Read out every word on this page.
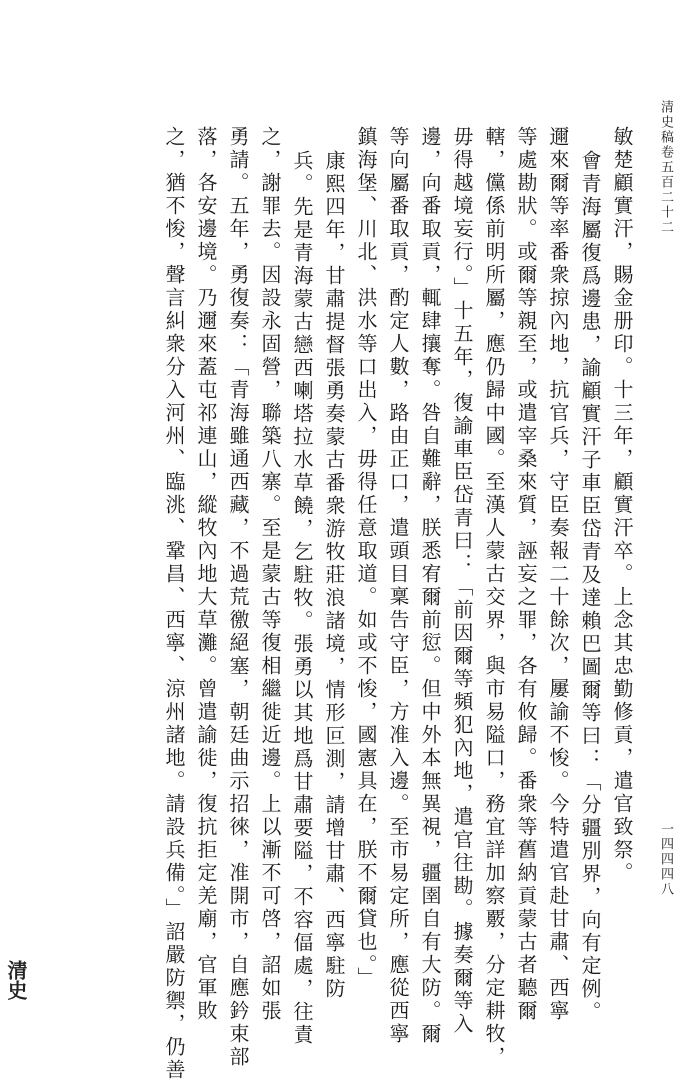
清史稿卷五百二十二
一四四四八
敏楚顧實汗，賜金册印。十三年，顧實汗卒。上念其忠勤修貢，遣官致祭。
會青海屬復爲邊患，諭顧實汗子車臣岱青及達賴巴圖爾等曰：「分疆別界，向有定例。
邇來爾等率番衆掠內地，抗官兵，守臣奏報二十餘次，屢諭不悛。今特遣官赴甘肅、西寧
等處勘狀。或爾等親至，或遣宰桑來質，誣妄之罪，各有攸歸。番衆等舊納貢蒙古者聽爾
轄，儻係前明所屬，應仍歸中國。至漢人蒙古交界，與市易隘口，務宜詳加察覈，分定耕牧，
毋得越境妄行。」十五年，復諭車臣岱青曰：「前因爾等頻犯內地，遣官往勘。據奏爾等入
邊，向番取貢，輒肆攘奪。咎自難辭，朕悉宥爾前愆。但中外本無異視，疆圉自有大防。爾
等向屬番取貢，酌定人數，路由正口，遣頭目稟告守臣，方准入邊。至市易定所，應從西寧
鎮海堡、川北、洪水等口出入，毋得任意取道。如或不悛，國憲具在，朕不爾貸也。」
康熙四年，甘肅提督張勇奏蒙古番衆游牧莊浪諸境，情形叵測，請增甘肅、西寧駐防
兵。先是青海蒙古戀西喇塔拉水草饒，乞駐牧。張勇以其地爲甘肅要隘，不容偪處，往責
之，謝罪去。因設永固營，聯築八寨。至是蒙古等復相繼徙近邊。上以漸不可啓，詔如張
勇請。五年，勇復奏：「青海雖通西藏，不過荒徼絕塞，朝廷曲示招徠，准開市，自應鈐束部
落，各安邊境。乃邇來蓋屯祁連山，縱牧內地大草灘。曾遣諭徙，復抗拒定羌廟，官軍敗
之，猶不悛，聲言糾衆分入河州、臨洮、鞏昌、西寧、涼州諸地。請設兵備。」詔嚴防禦，仍善
清史
